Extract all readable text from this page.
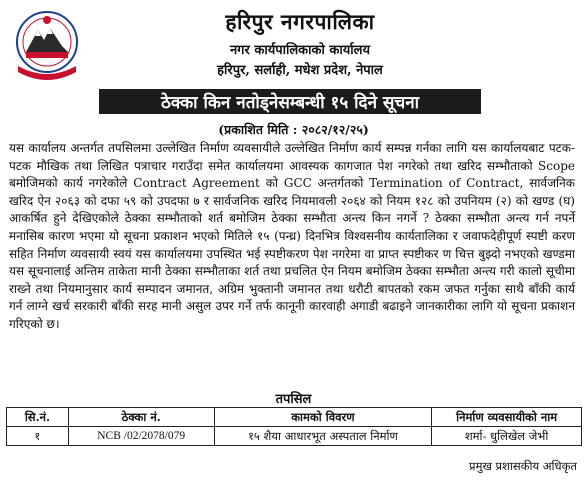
हरिपुर नगरपालिका
नगर कार्यपालिकाको कार्यालय
हरिपुर, सर्लाही, मधेश प्रदेश, नेपाल
ठेक्का किन नतोड्नेसम्बन्धी १५ दिने सूचना
(प्रकाशित मिति : २०८२/१२/२५)

यस कार्यालय अन्तर्गत तपसिलमा उल्लेखित निर्माण व्यवसायीले उल्लेखित निर्माण कार्य सम्पन्न गर्नका लागि यस कार्यालयबाट पटक-पटक मौखिक तथा लिखित पत्राचार गराउँदा समेत कार्यालयमा आवस्यक कागजात पेश नगरेको तथा खरिद सम्भौताको Scope बमोजिमको कार्य नगरेकोले Contract Agreement को GCC अन्तर्गतको Termination of Contract, सार्वजनिक खरिद ऐन २०६३ को दफा ५९ को उपदफा ७ र सार्वजनिक खरिद नियमावली २०६४ को नियम १२८ को उपनियम (२) को खण्ड (घ) आकर्षित हुने देखिएकोले ठेक्का सम्भौताको शर्त बमोजिम ठेक्का सम्भौता अन्त्य किन नगर्ने ? ठेक्का सम्भौता अन्त्य गर्न नपर्ने मनासिब कारण भएमा यो सूचना प्रकाशन भएको मितिले १५ (पन्ध्र) दिनभित्र विश्वसनीय कार्यतालिका र जवाफदेहीपूर्ण स्पष्टी करण सहित निर्माण व्यवसायी स्वयं यस कार्यालयमा उपस्थित भई स्पष्टीकरण पेश नगरेमा वा प्राप्त स्पष्टीकर ण चित्त बुझ्दो नभएको खण्डमा यस सूचनालाई अन्तिम ताकेता मानी ठेक्का सम्भौताका शर्त तथा प्रचलित ऐन नियम बमोजिम ठेक्का सम्भौता अन्त्य गरी कालो सूचीमा राख्ने तथा नियमानुसार कार्य सम्पादन जमानत, अग्रिम भुक्तानी जमानत तथा धरौटी बापतको रकम जफत गर्नुका साथै बाँकी कार्य गर्न लाग्ने खर्च सरकारी बाँकी सरह मानी असुल उपर गर्ने तर्फ कानूनी कारवाही अगाडी बढाइने जानकारीका लागि यो सूचना प्रकाशन गरिएको छ।

तपसिल
सि.नं.	ठेक्का नं.	कामको विवरण	निर्माण व्यवसायीको नाम
१	NCB /02/2078/079	१५ शैया आधारभूत अस्पताल निर्माण	शर्मा- धुलिखेल जेभी
प्रमुख प्रशासकीय अधिकृत
